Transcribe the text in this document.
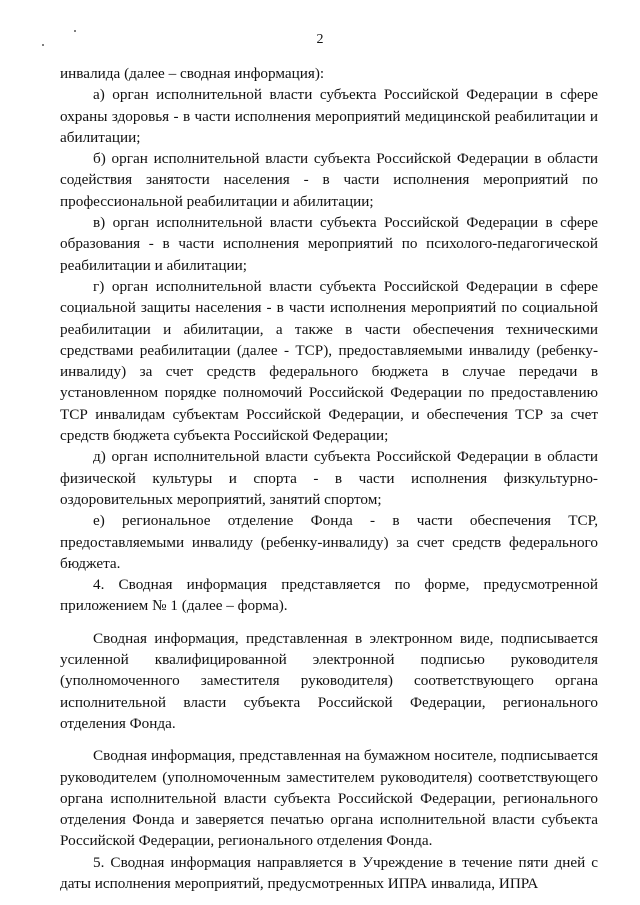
2

инвалида (далее – сводная информация):

а) орган исполнительной власти субъекта Российской Федерации в сфере охраны здоровья - в части исполнения мероприятий медицинской реабилитации и абилитации;

б) орган исполнительной власти субъекта Российской Федерации в области содействия занятости населения - в части исполнения мероприятий по профессиональной реабилитации и абилитации;

в) орган исполнительной власти субъекта Российской Федерации в сфере образования - в части исполнения мероприятий по психолого-педагогической реабилитации и абилитации;

г) орган исполнительной власти субъекта Российской Федерации в сфере социальной защиты населения - в части исполнения мероприятий по социальной реабилитации и абилитации, а также в части обеспечения техническими средствами реабилитации (далее - ТСР), предоставляемыми инвалиду (ребенку-инвалиду) за счет средств федерального бюджета в случае передачи в установленном порядке полномочий Российской Федерации по предоставлению ТСР инвалидам субъектам Российской Федерации, и обеспечения ТСР за счет средств бюджета субъекта Российской Федерации;

д) орган исполнительной власти субъекта Российской Федерации в области физической культуры и спорта - в части исполнения физкультурно-оздоровительных мероприятий, занятий спортом;

е) региональное отделение Фонда - в части обеспечения ТСР, предоставляемыми инвалиду (ребенку-инвалиду) за счет средств федерального бюджета.

4. Сводная информация представляется по форме, предусмотренной приложением № 1 (далее – форма).

Сводная информация, представленная в электронном виде, подписывается усиленной квалифицированной электронной подписью руководителя (уполномоченного заместителя руководителя) соответствующего органа исполнительной власти субъекта Российской Федерации, регионального отделения Фонда.

Сводная информация, представленная на бумажном носителе, подписывается руководителем (уполномоченным заместителем руководителя) соответствующего органа исполнительной власти субъекта Российской Федерации, регионального отделения Фонда и заверяется печатью органа исполнительной власти субъекта Российской Федерации, регионального отделения Фонда.

5. Сводная информация направляется в Учреждение в течение пяти дней с даты исполнения мероприятий, предусмотренных ИПРА инвалида, ИПРА
